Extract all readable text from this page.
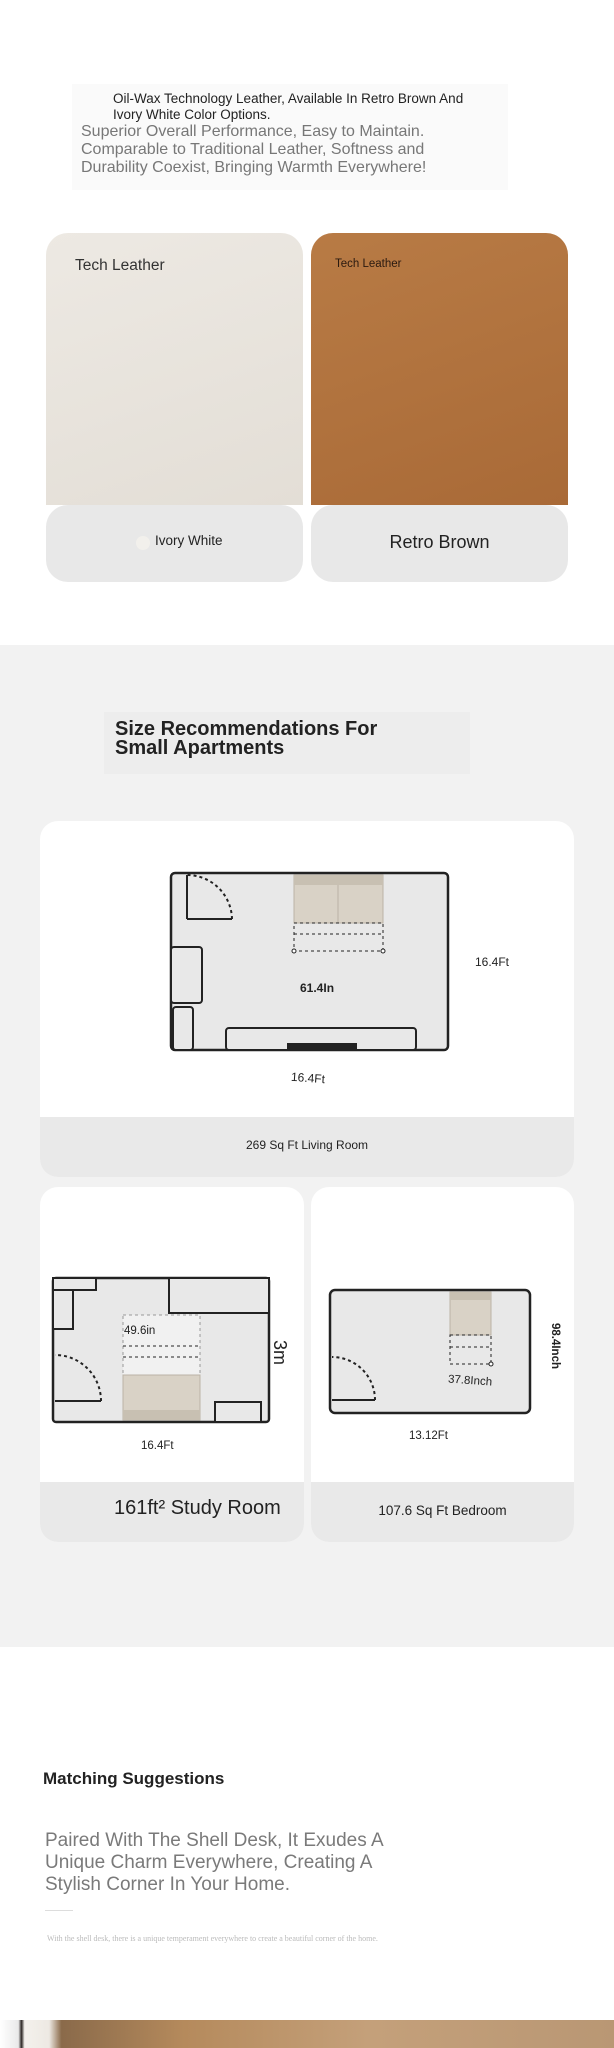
Oil-Wax Technology Leather, Available In Retro Brown And Ivory White Color Options.
Superior Overall Performance, Easy to Maintain. Comparable to Traditional Leather, Softness and Durability Coexist, Bringing Warmth Everywhere!
Tech Leather
Ivory White
Tech Leather
Retro Brown
Size Recommendations For Small Apartments
61.4In
16.4Ft
16.4Ft
269 Sq Ft Living Room
49.6in
3m
16.4Ft
161ft² Study Room
37.8Inch
98.4Inch
13.12Ft
107.6 Sq Ft Bedroom
Matching Suggestions
Paired With The Shell Desk, It Exudes A Unique Charm Everywhere, Creating A Stylish Corner In Your Home.
With the shell desk, there is a unique temperament everywhere to create a beautiful corner of the home.
